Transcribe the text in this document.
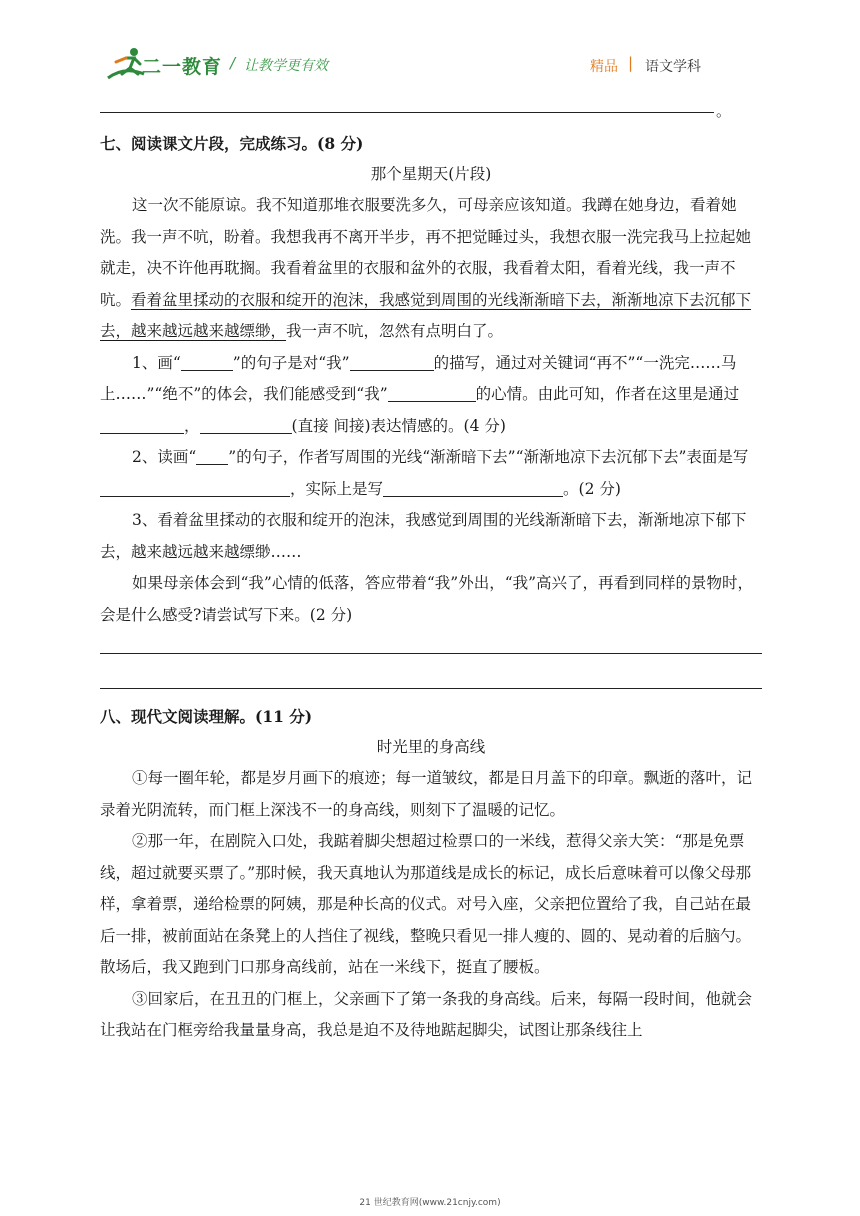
二一教育 / 让教学更有效	精品 | 语文学科
。

七、阅读课文片段，完成练习。(8 分)

那个星期天(片段)

这一次不能原谅。我不知道那堆衣服要洗多久，可母亲应该知道。我蹲在她身边，看着她洗。我一声不吭，盼着。我想我再不离开半步，再不把觉睡过头，我想衣服一洗完我马上拉起她就走，决不许他再耽搁。我看着盆里的衣服和盆外的衣服，我看着太阳，看着光线，我一声不吭。看着盆里揉动的衣服和绽开的泡沫，我感觉到周围的光线渐渐暗下去，渐渐地凉下去沉郁下去，越来越远越来越缥缈，我一声不吭，忽然有点明白了。

1、画“	”的句子是对“我”	的描写，通过对关键词“再不”“一洗完……马上……”“绝不”的体会，我们能感受到“我”	的心情。由此可知，作者在这里是通过，	(直接 间接)表达情感的。(4 分)

2、读画“ ”的句子，作者写周围的光线“渐渐暗下去”“渐渐地凉下去沉郁下去”表面是写，实际上是写	。(2 分)

3、看着盆里揉动的衣服和绽开的泡沫，我感觉到周围的光线渐渐暗下去，渐渐地凉下郁下去，越来越远越来越缥缈……

如果母亲体会到“我”心情的低落，答应带着“我”外出，“我”高兴了，再看到同样的景物时，会是什么感受?请尝试写下来。(2 分)

八、现代文阅读理解。(11 分)

时光里的身高线

①每一圈年轮，都是岁月画下的痕迹；每一道皱纹，都是日月盖下的印章。飘逝的落叶，记录着光阴流转，而门框上深浅不一的身高线，则刻下了温暖的记忆。

②那一年，在剧院入口处，我踮着脚尖想超过检票口的一米线，惹得父亲大笑：“那是免票线，超过就要买票了。”那时候，我天真地认为那道线是成长的标记，成长后意味着可以像父母那样，拿着票，递给检票的阿姨，那是种长高的仪式。对号入座，父亲把位置给了我，自己站在最后一排，被前面站在条凳上的人挡住了视线，整晚只看见一排人瘦的、圆的、晃动着的后脑勺。散场后，我又跑到门口那身高线前，站在一米线下，挺直了腰板。

③回家后，在丑丑的门框上，父亲画下了第一条我的身高线。后来，每隔一段时间，他就会让我站在门框旁给我量量身高，我总是迫不及待地踮起脚尖，试图让那条线往上

21 世纪教育网(www.21cnjy.com)
